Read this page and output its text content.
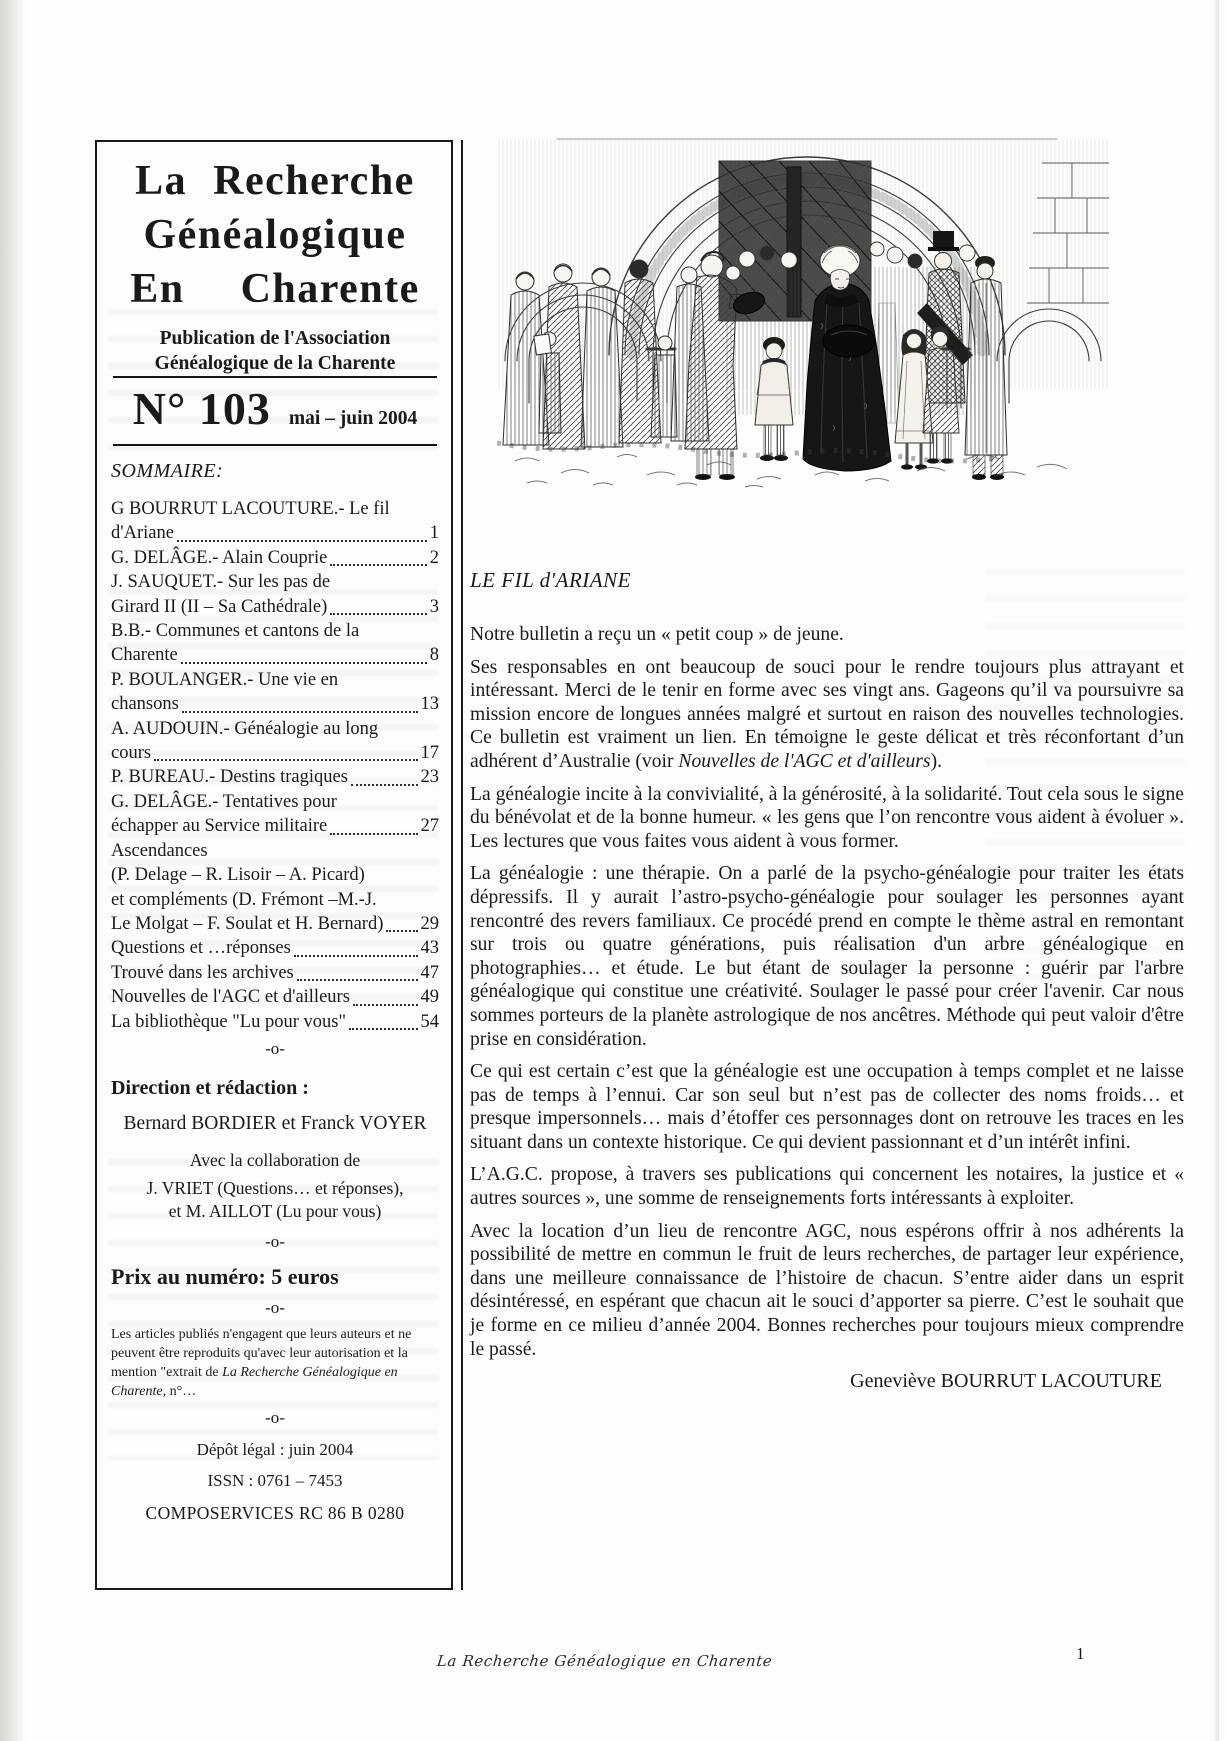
La Recherche
Généalogique
En Charente
Publication de l'Association
Généalogique de la Charente
N° 103 mai – juin 2004
SOMMAIRE:
G BOURRUT LACOUTURE.- Le fil
d'Ariane	1
G. DELÂGE.- Alain Couprie	2
J. SAUQUET.- Sur les pas de
Girard II (II – Sa Cathédrale)	3
B.B.- Communes et cantons de la
Charente	8
P. BOULANGER.- Une vie en
chansons	13
A. AUDOUIN.- Généalogie au long
cours	17
P. BUREAU.- Destins tragiques	23
G. DELÂGE.- Tentatives pour
échapper au Service militaire	27
Ascendances
(P. Delage – R. Lisoir – A. Picard)
et compléments (D. Frémont –M.-J.
Le Molgat – F. Soulat et H. Bernard) 29
Questions et …réponses	43
Trouvé dans les archives	47
Nouvelles de l'AGC et d'ailleurs	49
La bibliothèque "Lu pour vous"	54
-o-
Direction et rédaction :
Bernard BORDIER et Franck VOYER
Avec la collaboration de
J. VRIET (Questions… et réponses),
et M. AILLOT (Lu pour vous)
-o-
Prix au numéro: 5 euros
-o-
Les articles publiés n'engagent que leurs auteurs et ne peuvent être reproduits qu'avec leur autorisation et la mention "extrait de La Recherche Généalogique en Charente, n°…
-o-
Dépôt légal : juin 2004
ISSN : 0761 – 7453
COMPOSERVICES RC 86 B 0280
LE FIL d'ARIANE

Notre bulletin a reçu un « petit coup » de jeune.

Ses responsables en ont beaucoup de souci pour le rendre toujours plus attrayant et intéressant. Merci de le tenir en forme avec ses vingt ans. Gageons qu’il va poursuivre sa mission encore de longues années malgré et surtout en raison des nouvelles technologies. Ce bulletin est vraiment un lien. En témoigne le geste délicat et très réconfortant d’un adhérent d’Australie (voir Nouvelles de l'AGC et d'ailleurs).

La généalogie incite à la convivialité, à la générosité, à la solidarité. Tout cela sous le signe du bénévolat et de la bonne humeur. « les gens que l’on rencontre vous aident à évoluer ». Les lectures que vous faites vous aident à vous former.

La généalogie : une thérapie. On a parlé de la psycho-généalogie pour traiter les états dépressifs. Il y aurait l’astro-psycho-généalogie pour soulager les personnes ayant rencontré des revers familiaux. Ce procédé prend en compte le thème astral en remontant sur trois ou quatre générations, puis réalisation d'un arbre généalogique en photographies… et étude. Le but étant de soulager la personne : guérir par l'arbre généalogique qui constitue une créativité. Soulager le passé pour créer l'avenir. Car nous sommes porteurs de la planète astrologique de nos ancêtres. Méthode qui peut valoir d'être prise en considération.

Ce qui est certain c’est que la généalogie est une occupation à temps complet et ne laisse pas de temps à l’ennui. Car son seul but n’est pas de collecter des noms froids… et presque impersonnels… mais d’étoffer ces personnages dont on retrouve les traces en les situant dans un contexte historique. Ce qui devient passionnant et d’un intérêt infini.

L’A.G.C. propose, à travers ses publications qui concernent les notaires, la justice et « autres sources », une somme de renseignements forts intéressants à exploiter.

Avec la location d’un lieu de rencontre AGC, nous espérons offrir à nos adhérents la possibilité de mettre en commun le fruit de leurs recherches, de partager leur expérience, dans une meilleure connaissance de l’histoire de chacun. S’entre aider dans un esprit désintéressé, en espérant que chacun ait le souci d’apporter sa pierre. C’est le souhait que je forme en ce milieu d’année 2004. Bonnes recherches pour toujours mieux comprendre le passé.

Geneviève BOURRUT LACOUTURE
La Recherche Généalogique en Charente	1
